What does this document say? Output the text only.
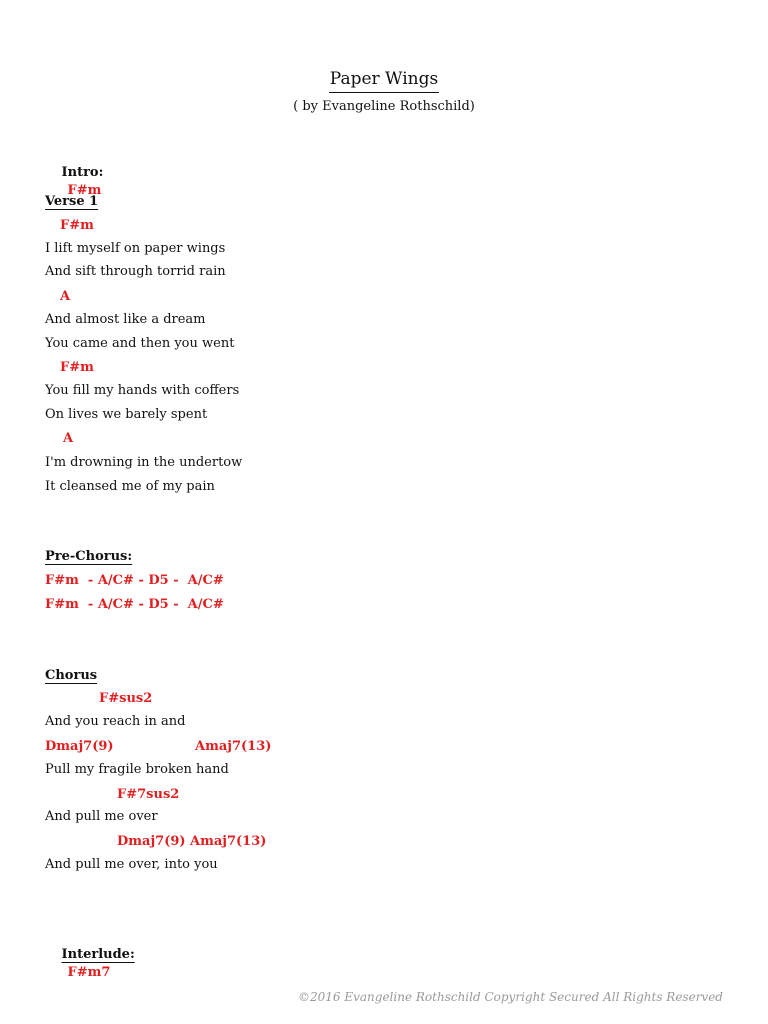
Paper Wings
( by Evangeline Rothschild)

Intro:
F#m

Verse 1
F#m
I lift myself on paper wings
And sift through torrid rain
A
And almost like a dream
You came and then you went
F#m
You fill my hands with coffers
On lives we barely spent
A
I'm drowning in the undertow
It cleansed me of my pain
Pre-Chorus:
F#m  - A/C# - D5 -  A/C#
F#m  - A/C# - D5 -  A/C#
Chorus
F#sus2
And you reach in and
Dmaj7(9)	Amaj7(13)
Pull my fragile broken hand
F#7sus2
And pull me over
Dmaj7(9) Amaj7(13)
And pull me over, into you

Interlude:
F#m7

©2016 Evangeline Rothschild Copyright Secured All Rights Reserved
